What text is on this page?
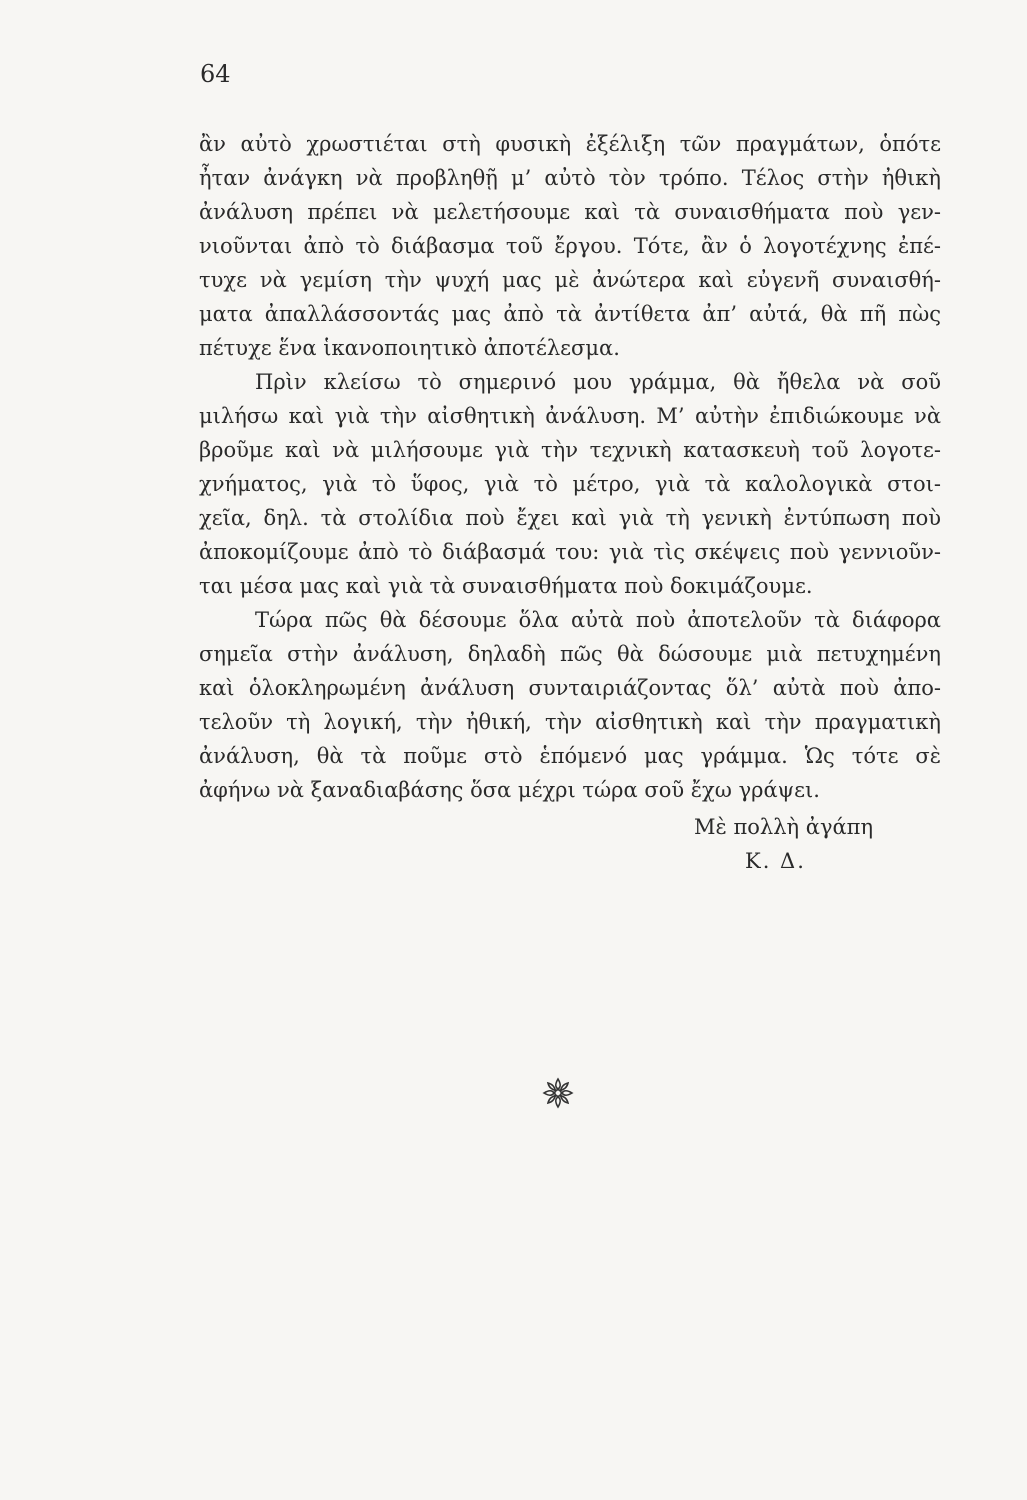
64
ἂν αὐτὸ χρωστιέται στὴ φυσικὴ ἐξέλιξη τῶν πραγμάτων, ὁπότε
ἦταν ἀνάγκη νὰ προβληθῇ μ’ αὐτὸ τὸν τρόπο. Τέλος στὴν ἠθικὴ
ἀνάλυση πρέπει νὰ μελετήσουμε καὶ τὰ συναισθήματα ποὺ γεν-
νιοῦνται ἀπὸ τὸ διάβασμα τοῦ ἔργου. Τότε, ἂν ὁ λογοτέχνης ἐπέ-
τυχε νὰ γεμίση τὴν ψυχή μας μὲ ἀνώτερα καὶ εὐγενῆ συναισθή-
ματα ἀπαλλάσσοντάς μας ἀπὸ τὰ ἀντίθετα ἀπ’ αὐτά, θὰ πῆ πὼς
πέτυχε ἕνα ἱκανοποιητικὸ ἀποτέλεσμα.
Πρὶν κλείσω τὸ σημερινό μου γράμμα, θὰ ἤθελα νὰ σοῦ
μιλήσω καὶ γιὰ τὴν αἰσθητικὴ ἀνάλυση. Μ’ αὐτὴν ἐπιδιώκουμε νὰ
βροῦμε καὶ νὰ μιλήσουμε γιὰ τὴν τεχνικὴ κατασκευὴ τοῦ λογοτε-
χνήματος, γιὰ τὸ ὕφος, γιὰ τὸ μέτρο, γιὰ τὰ καλολογικὰ στοι-
χεῖα, δηλ. τὰ στολίδια ποὺ ἔχει καὶ γιὰ τὴ γενικὴ ἐντύπωση ποὺ
ἀποκομίζουμε ἀπὸ τὸ διάβασμά του: γιὰ τὶς σκέψεις ποὺ γεννιοῦν-
ται μέσα μας καὶ γιὰ τὰ συναισθήματα ποὺ δοκιμάζουμε.
Τώρα πῶς θὰ δέσουμε ὅλα αὐτὰ ποὺ ἀποτελοῦν τὰ διάφορα
σημεῖα στὴν ἀνάλυση, δηλαδὴ πῶς θὰ δώσουμε μιὰ πετυχημένη
καὶ ὁλοκληρωμένη ἀνάλυση συνταιριάζοντας ὅλ’ αὐτὰ ποὺ ἀπο-
τελοῦν τὴ λογική, τὴν ἠθική, τὴν αἰσθητικὴ καὶ τὴν πραγματικὴ
ἀνάλυση, θὰ τὰ ποῦμε στὸ ἑπόμενό μας γράμμα. Ὡς τότε σὲ
ἀφήνω νὰ ξαναδιαβάσης ὅσα μέχρι τώρα σοῦ ἔχω γράψει.
Μὲ πολλὴ ἀγάπη
Κ. Δ.
